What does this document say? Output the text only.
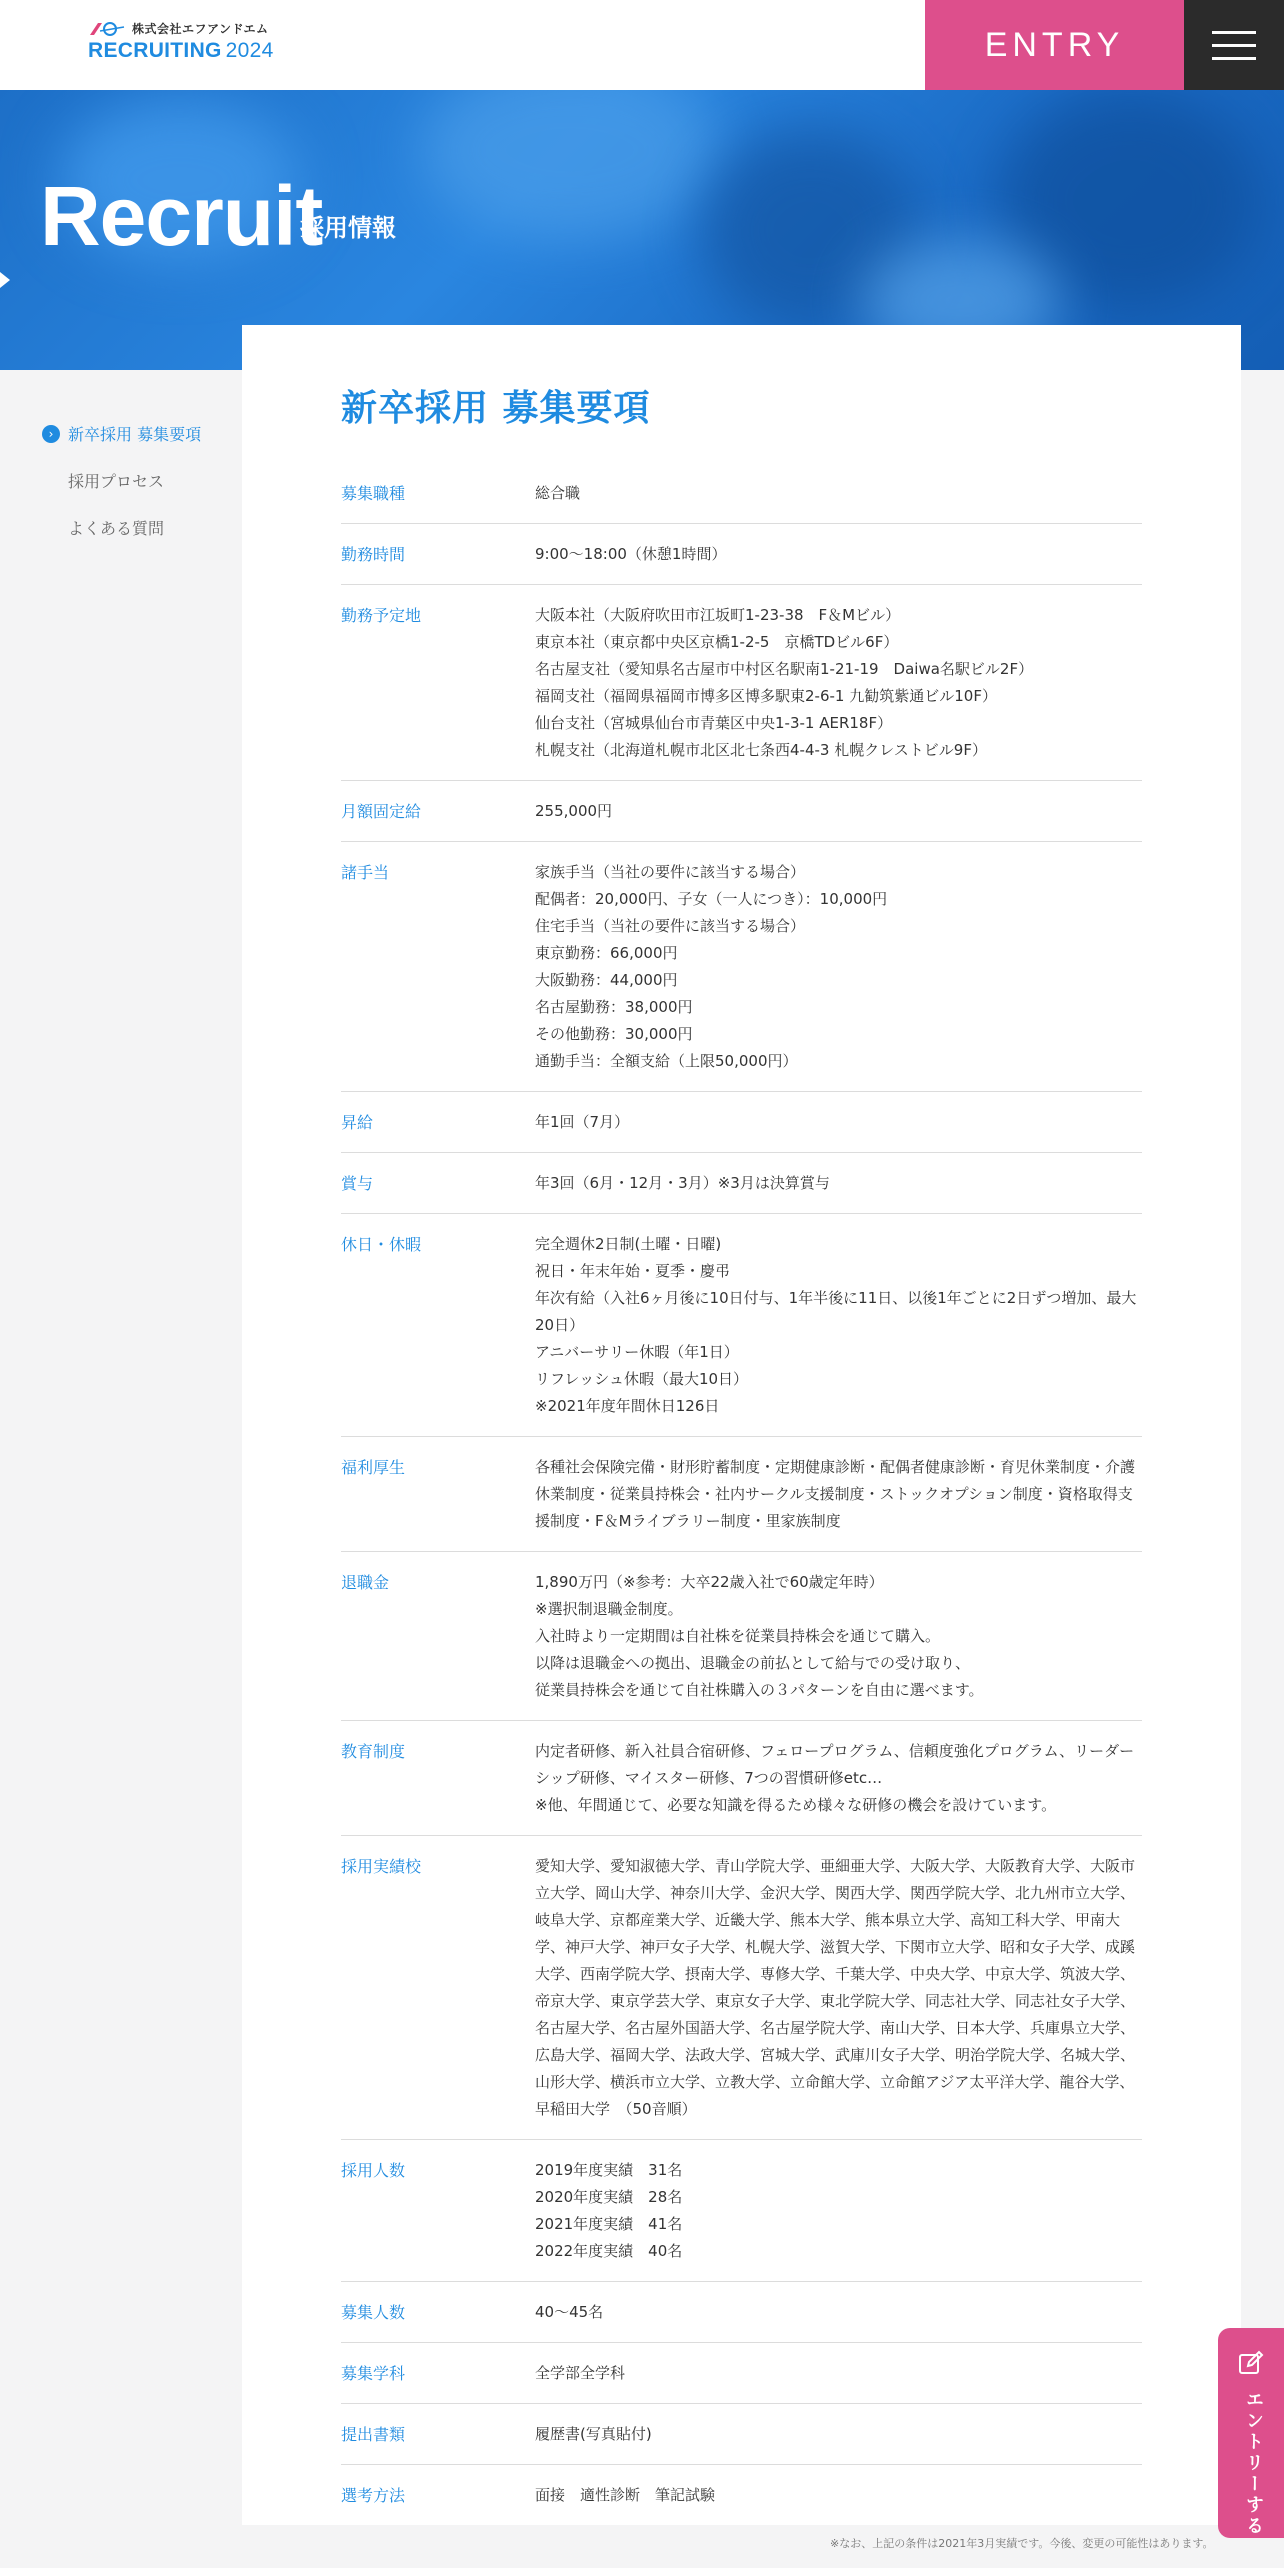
株式会社エフアンドエム
RECRUITING 2024	ENTRY
Recruit
採用情報
› 新卒採用 募集要項
採用プロセス
よくある質問
新卒採用 募集要項
募集職種	総合職
勤務時間	9:00〜18:00（休憩1時間）
勤務予定地	大阪本社（大阪府吹田市江坂町1-23-38　F＆Mビル）
東京本社（東京都中央区京橋1-2-5　京橋TDビル6F）
名古屋支社（愛知県名古屋市中村区名駅南1-21-19　Daiwa名駅ビル2F）
福岡支社（福岡県福岡市博多区博多駅東2-6-1 九勧筑紫通ビル10F）
仙台支社（宮城県仙台市青葉区中央1-3-1 AER18F）
札幌支社（北海道札幌市北区北七条西4-4-3 札幌クレストビル9F）
月額固定給	255,000円
諸手当	家族手当（当社の要件に該当する場合）
配偶者：20,000円、子女（一人につき）：10,000円
住宅手当（当社の要件に該当する場合）
東京勤務：66,000円
大阪勤務：44,000円
名古屋勤務：38,000円
その他勤務：30,000円
通勤手当：全額支給（上限50,000円）
昇給	年1回（7月）
賞与	年3回（6月・12月・3月）※3月は決算賞与
休日・休暇	完全週休2日制(土曜・日曜)
祝日・年末年始・夏季・慶弔
年次有給（入社6ヶ月後に10日付与、1年半後に11日、以後1年ごとに2日ずつ増加、最大20日）
アニバーサリー休暇（年1日）
リフレッシュ休暇（最大10日）
※2021年度年間休日126日
福利厚生	各種社会保険完備・財形貯蓄制度・定期健康診断・配偶者健康診断・育児休業制度・介護休業制度・従業員持株会・社内サークル支援制度・ストックオプション制度・資格取得支援制度・F＆Mライブラリー制度・里家族制度
退職金	1,890万円（※参考：大卒22歳入社で60歳定年時）
※選択制退職金制度。
入社時より一定期間は自社株を従業員持株会を通じて購入。
以降は退職金への拠出、退職金の前払として給与での受け取り、
従業員持株会を通じて自社株購入の３パターンを自由に選べます。
教育制度	内定者研修、新入社員合宿研修、フェロープログラム、信頼度強化プログラム、リーダーシップ研修、マイスター研修、7つの習慣研修etc…
※他、年間通じて、必要な知識を得るため様々な研修の機会を設けています。
採用実績校	愛知大学、愛知淑徳大学、青山学院大学、亜細亜大学、大阪大学、大阪教育大学、大阪市立大学、岡山大学、神奈川大学、金沢大学、関西大学、関西学院大学、北九州市立大学、岐阜大学、京都産業大学、近畿大学、熊本大学、熊本県立大学、高知工科大学、甲南大学、神戸大学、神戸女子大学、札幌大学、滋賀大学、下関市立大学、昭和女子大学、成蹊大学、西南学院大学、摂南大学、専修大学、千葉大学、中央大学、中京大学、筑波大学、帝京大学、東京学芸大学、東京女子大学、東北学院大学、同志社大学、同志社女子大学、名古屋大学、名古屋外国語大学、名古屋学院大学、南山大学、日本大学、兵庫県立大学、広島大学、福岡大学、法政大学、宮城大学、武庫川女子大学、明治学院大学、名城大学、山形大学、横浜市立大学、立教大学、立命館大学、立命館アジア太平洋大学、龍谷大学、早稲田大学　（50音順）
採用人数	2019年度実績　31名
2020年度実績　28名
2021年度実績　41名
2022年度実績　40名
募集人数	40〜45名
募集学科	全学部全学科
提出書類	履歴書(写真貼付)
選考方法	面接　適性診断　筆記試験
※なお、上記の条件は2021年3月実績です。今後、変更の可能性はあります。
エントリーする
